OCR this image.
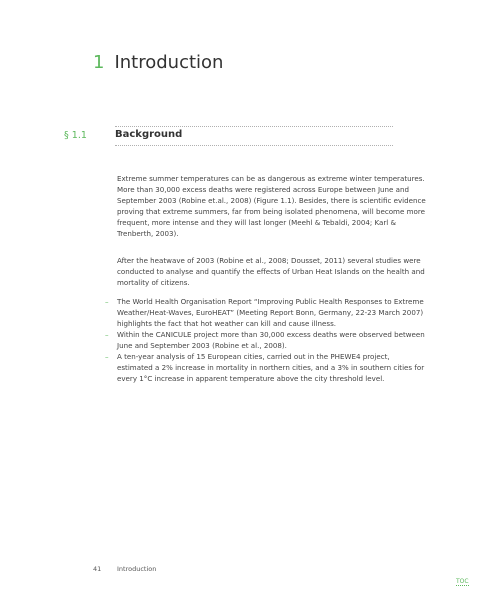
1 Introduction
§ 1.1	Background

Extreme summer temperatures can be as dangerous as extreme winter temperatures. More than 30,000 excess deaths were registered across Europe between June and September 2003 (Robine et.al., 2008) (Figure 1.1). Besides, there is scientific evidence proving that extreme summers, far from being isolated phenomena, will become more frequent, more intense and they will last longer (Meehl & Tebaldi, 2004; Karl & Trenberth, 2003).

After the heatwave of 2003 (Robine et al., 2008; Dousset, 2011) several studies were conducted to analyse and quantify the effects of Urban Heat Islands on the health and mortality of citizens.

– The World Health Organisation Report “Improving Public Health Responses to Extreme Weather/Heat-Waves, EuroHEAT” (Meeting Report Bonn, Germany, 22-23 March 2007) highlights the fact that hot weather can kill and cause illness.
– Within the CANICULE project more than 30,000 excess deaths were observed between June and September 2003 (Robine et al., 2008).
– A ten-year analysis of 15 European cities, carried out in the PHEWE4 project, estimated a 2% increase in mortality in northern cities, and a 3% in southern cities for every 1°C increase in apparent temperature above the city threshold level.
41 Introduction
TOC
